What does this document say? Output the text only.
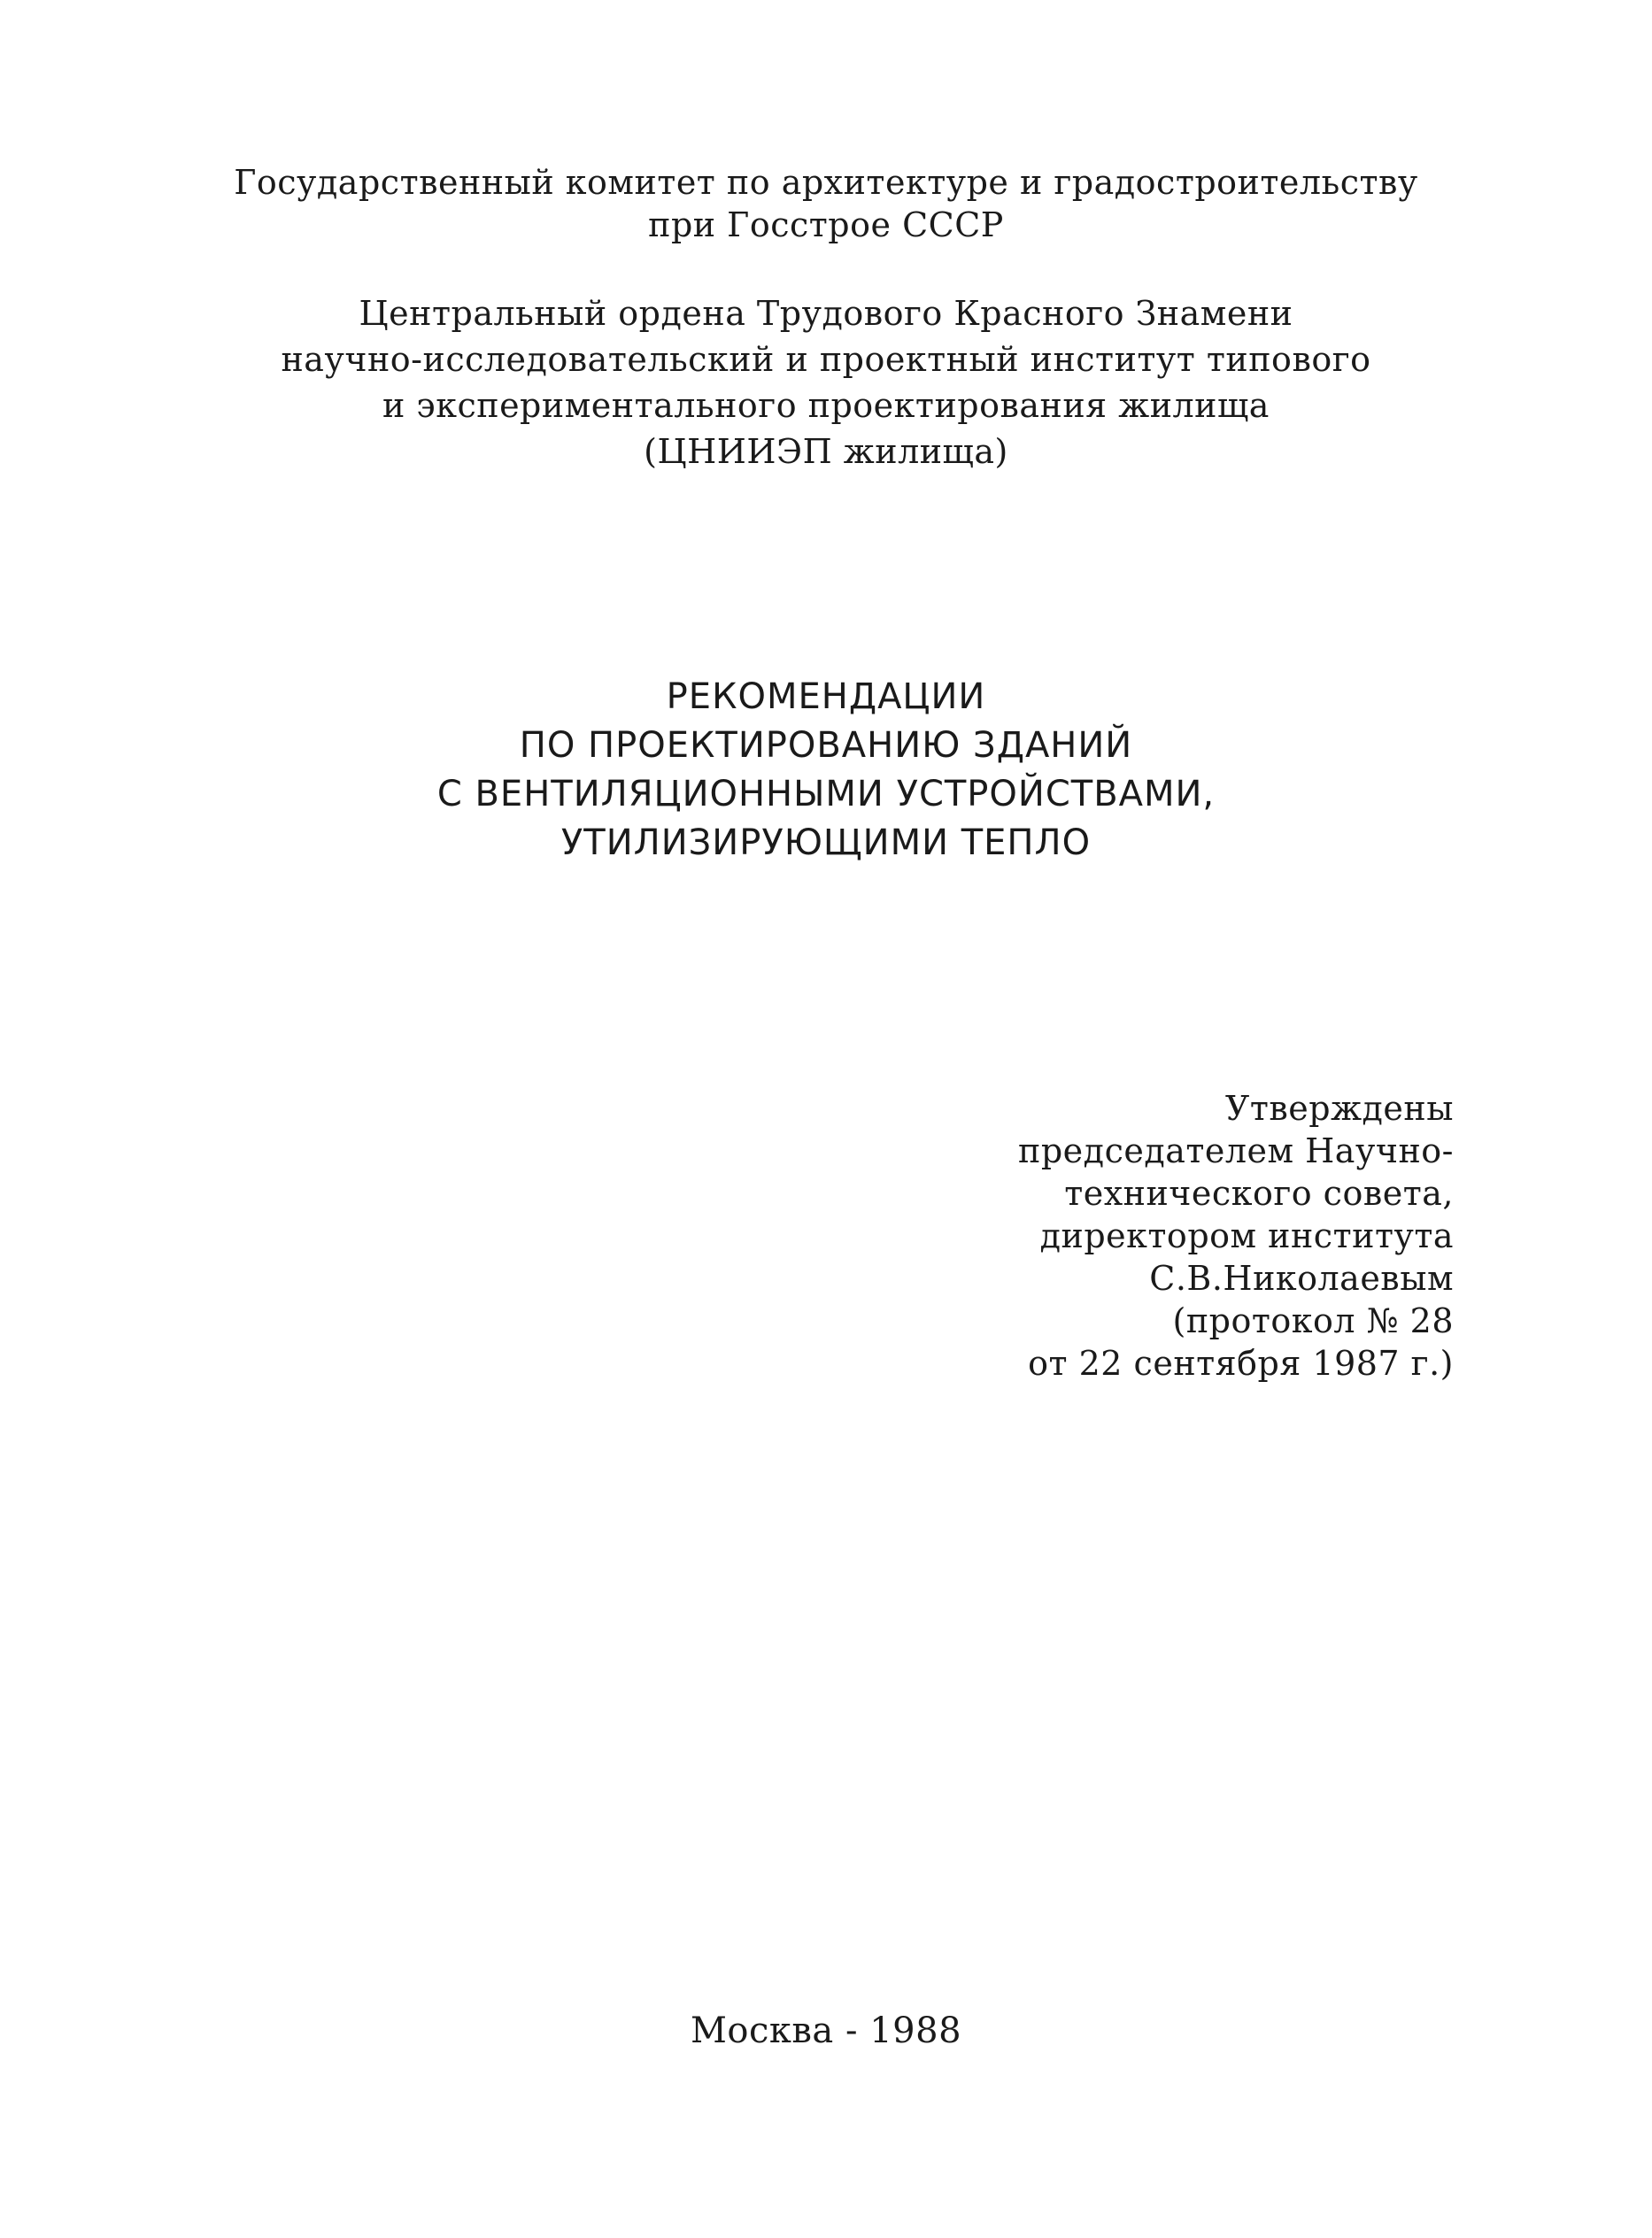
Государственный комитет по архитектуре и градостроительству
при Госстрое СССР
Центральный ордена Трудового Красного Знамени
научно-исследовательский и проектный институт типового
и экспериментального проектирования жилища
(ЦНИИЭП жилища)
РЕКОМЕНДАЦИИ
ПО ПРОЕКТИРОВАНИЮ ЗДАНИЙ
С ВЕНТИЛЯЦИОННЫМИ УСТРОЙСТВАМИ,
УТИЛИЗИРУЮЩИМИ ТЕПЛО
Утверждены
председателем Научно-
технического совета,
директором института
С.В.Николаевым
(протокол № 28
от 22 сентября 1987 г.)
Москва - 1988
